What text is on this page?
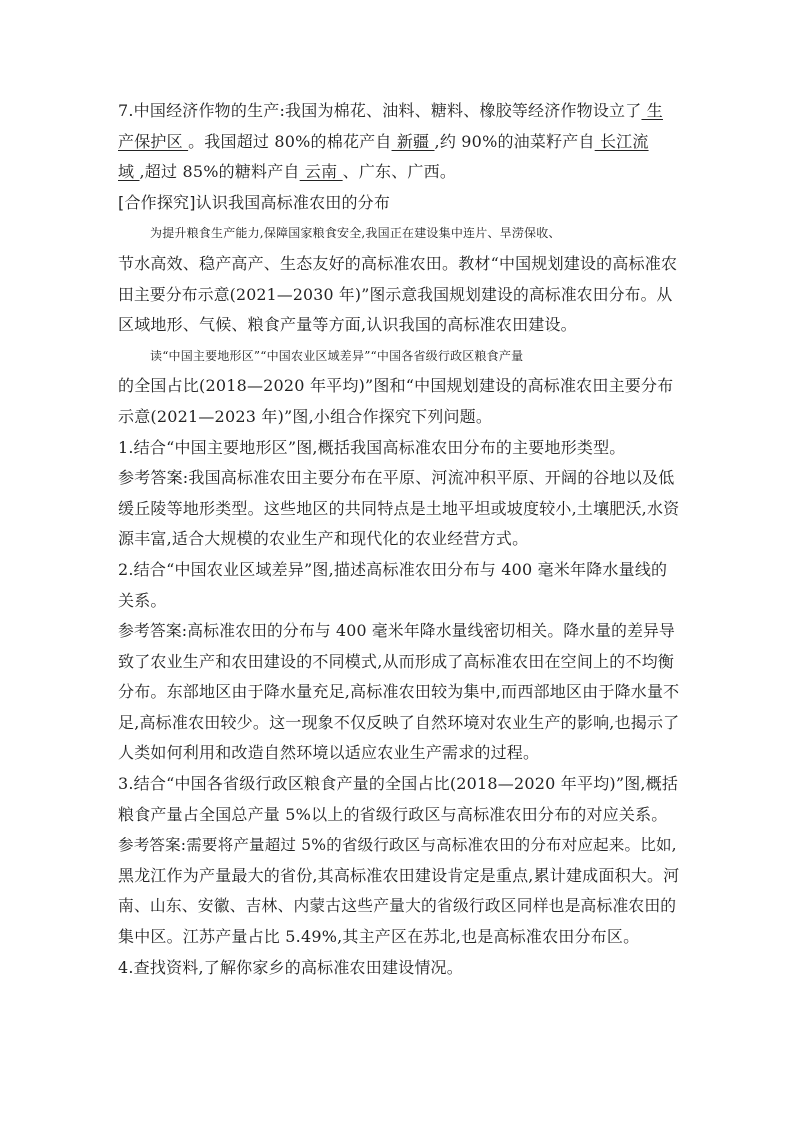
7.中国经济作物的生产:我国为棉花、油料、糖料、橡胶等经济作物设立了 生
产保护区 。我国超过 80%的棉花产自 新疆 ,约 90%的油菜籽产自 长江流
域 ,超过 85%的糖料产自 云南 、广东、广西。
[合作探究]认识我国高标准农田的分布
为提升粮食生产能力,保障国家粮食安全,我国正在建设集中连片、旱涝保收、
节水高效、稳产高产、生态友好的高标准农田。教材“中国规划建设的高标准农
田主要分布示意(2021—2030 年)”图示意我国规划建设的高标准农田分布。从
区域地形、气候、粮食产量等方面,认识我国的高标准农田建设。
读“中国主要地形区”“中国农业区域差异”“中国各省级行政区粮食产量
的全国占比(2018—2020 年平均)”图和“中国规划建设的高标准农田主要分布
示意(2021—2023 年)”图,小组合作探究下列问题。
1.结合“中国主要地形区”图,概括我国高标准农田分布的主要地形类型。
参考答案:我国高标准农田主要分布在平原、河流冲积平原、开阔的谷地以及低
缓丘陵等地形类型。这些地区的共同特点是土地平坦或坡度较小,土壤肥沃,水资
源丰富,适合大规模的农业生产和现代化的农业经营方式。
2.结合“中国农业区域差异”图,描述高标准农田分布与 400 毫米年降水量线的
关系。
参考答案:高标准农田的分布与 400 毫米年降水量线密切相关。降水量的差异导
致了农业生产和农田建设的不同模式,从而形成了高标准农田在空间上的不均衡
分布。东部地区由于降水量充足,高标准农田较为集中,而西部地区由于降水量不
足,高标准农田较少。这一现象不仅反映了自然环境对农业生产的影响,也揭示了
人类如何利用和改造自然环境以适应农业生产需求的过程。
3.结合“中国各省级行政区粮食产量的全国占比(2018—2020 年平均)”图,概括
粮食产量占全国总产量 5%以上的省级行政区与高标准农田分布的对应关系。
参考答案:需要将产量超过 5%的省级行政区与高标准农田的分布对应起来。比如,
黑龙江作为产量最大的省份,其高标准农田建设肯定是重点,累计建成面积大。河
南、山东、安徽、吉林、内蒙古这些产量大的省级行政区同样也是高标准农田的
集中区。江苏产量占比 5.49%,其主产区在苏北,也是高标准农田分布区。
4.查找资料,了解你家乡的高标准农田建设情况。
